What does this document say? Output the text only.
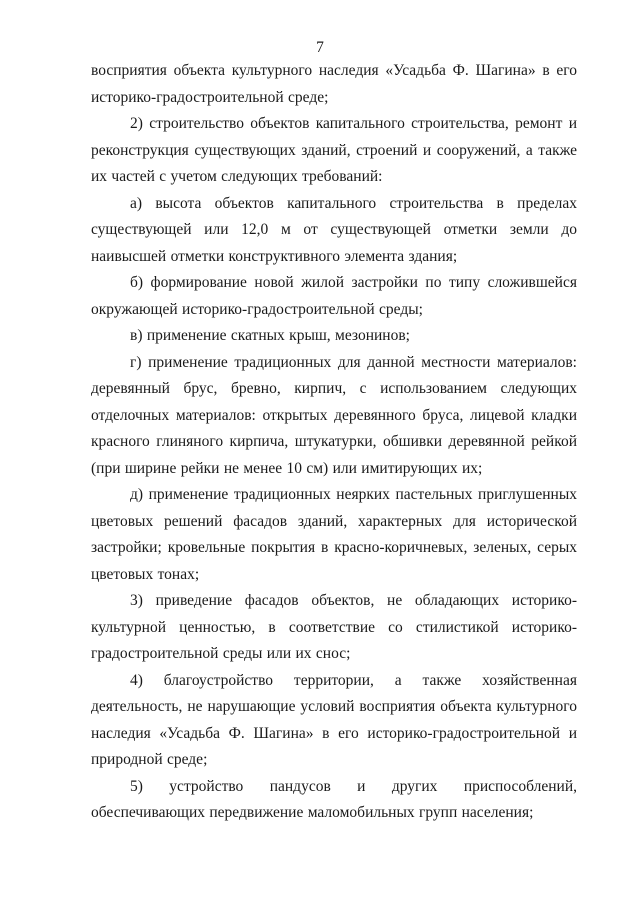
7

восприятия объекта культурного наследия «Усадьба Ф. Шагина» в его историко-градостроительной среде;

2) строительство объектов капитального строительства, ремонт и реконструкция существующих зданий, строений и сооружений, а также их частей с учетом следующих требований:

а) высота объектов капитального строительства в пределах существующей или 12,0 м от существующей отметки земли до наивысшей отметки конструктивного элемента здания;

б) формирование новой жилой застройки по типу сложившейся окружающей историко-градостроительной среды;

в) применение скатных крыш, мезонинов;

г) применение традиционных для данной местности материалов: деревянный брус, бревно, кирпич, с использованием следующих отделочных материалов: открытых деревянного бруса, лицевой кладки красного глиняного кирпича, штукатурки, обшивки деревянной рейкой (при ширине рейки не менее 10 см) или имитирующих их;

д) применение традиционных неярких пастельных приглушенных цветовых решений фасадов зданий, характерных для исторической застройки; кровельные покрытия в красно-коричневых, зеленых, серых цветовых тонах;

3) приведение фасадов объектов, не обладающих историко-культурной ценностью, в соответствие со стилистикой историко-градостроительной среды или их снос;

4) благоустройство территории, а также хозяйственная деятельность, не нарушающие условий восприятия объекта культурного наследия «Усадьба Ф. Шагина» в его историко-градостроительной и природной среде;

5) устройство пандусов и других приспособлений, обеспечивающих передвижение маломобильных групп населения;
